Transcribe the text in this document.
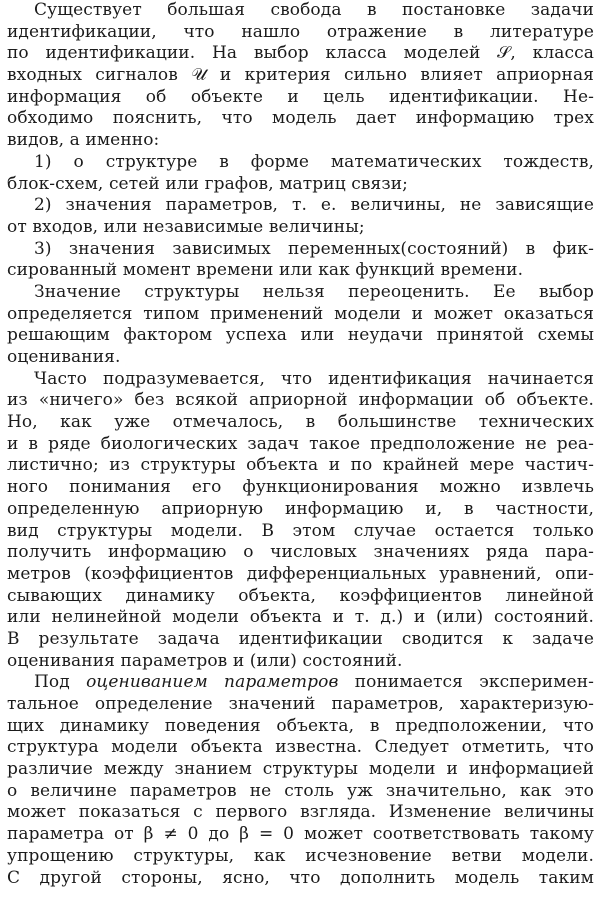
Существует большая свобода в постановке задачи
идентификации, что нашло отражение в литературе
по идентификации. На выбор класса моделей 𝒮, класса
входных сигналов 𝒰 и критерия сильно влияет априорная
информация об объекте и цель идентификации. Не-
обходимо пояснить, что модель дает информацию трех
видов, а именно:
1) о структуре в форме математических тождеств,
блок-схем, сетей или графов, матриц связи;
2) значения параметров, т. е. величины, не зависящие
от входов, или независимые величины;
3) значения зависимых переменных(состояний) в фик-
сированный момент времени или как функций времени.
Значение структуры нельзя переоценить. Ее выбор
определяется типом применений модели и может оказаться
решающим фактором успеха или неудачи принятой схемы
оценивания.
Часто подразумевается, что идентификация начинается
из «ничего» без всякой априорной информации об объекте.
Но, как уже отмечалось, в большинстве технических
и в ряде биологических задач такое предположение не реа-
листично; из структуры объекта и по крайней мере частич-
ного понимания его функционирования можно извлечь
определенную априорную информацию и, в частности,
вид структуры модели. В этом случае остается только
получить информацию о числовых значениях ряда пара-
метров (коэффициентов дифференциальных уравнений, опи-
сывающих динамику объекта, коэффициентов линейной
или нелинейной модели объекта и т. д.) и (или) состояний.
В результате задача идентификации сводится к задаче
оценивания параметров и (или) состояний.
Под оцениванием параметров понимается эксперимен-
тальное определение значений параметров, характеризую-
щих динамику поведения объекта, в предположении, что
структура модели объекта известна. Следует отметить, что
различие между знанием структуры модели и информацией
о величине параметров не столь уж значительно, как это
может показаться с первого взгляда. Изменение величины
параметра от β ≠ 0 до β = 0 может соответствовать такому
упрощению структуры, как исчезновение ветви модели.
С другой стороны, ясно, что дополнить модель таким
